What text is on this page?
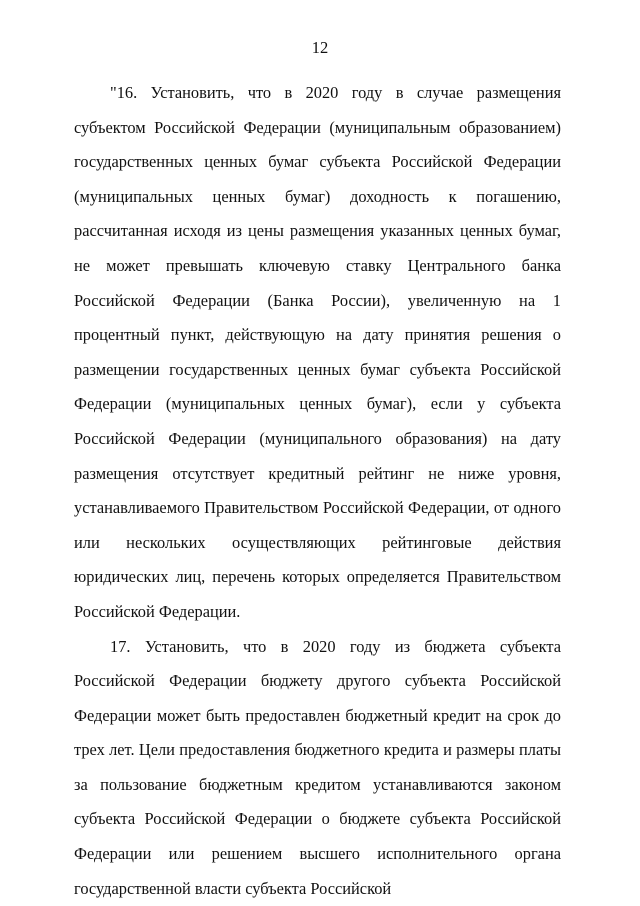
12

"16. Установить, что в 2020 году в случае размещения субъектом Российской Федерации (муниципальным образованием) государственных ценных бумаг субъекта Российской Федерации (муниципальных ценных бумаг) доходность к погашению, рассчитанная исходя из цены размещения указанных ценных бумаг, не может превышать ключевую ставку Центрального банка Российской Федерации (Банка России), увеличенную на 1 процентный пункт, действующую на дату принятия решения о размещении государственных ценных бумаг субъекта Российской Федерации (муниципальных ценных бумаг), если у субъекта Российской Федерации (муниципального образования) на дату размещения отсутствует кредитный рейтинг не ниже уровня, устанавливаемого Правительством Российской Федерации, от одного или нескольких осуществляющих рейтинговые действия юридических лиц, перечень которых определяется Правительством Российской Федерации.

17. Установить, что в 2020 году из бюджета субъекта Российской Федерации бюджету другого субъекта Российской Федерации может быть предоставлен бюджетный кредит на срок до трех лет. Цели предоставления бюджетного кредита и размеры платы за пользование бюджетным кредитом устанавливаются законом субъекта Российской Федерации о бюджете субъекта Российской Федерации или решением высшего исполнительного органа государственной власти субъекта Российской
